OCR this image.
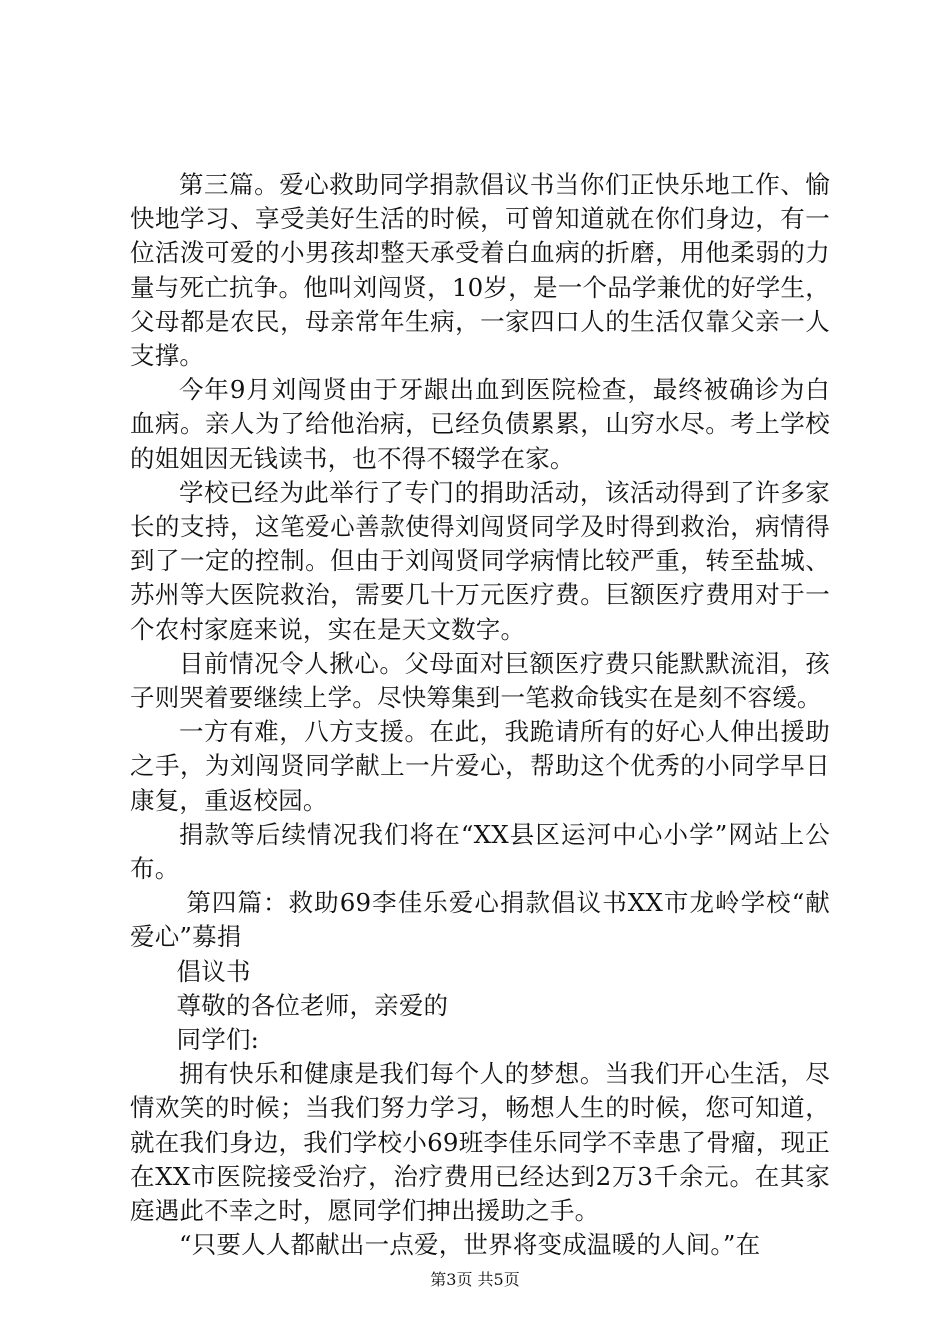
第三篇。爱心救助同学捐款倡议书当你们正快乐地工作、愉快地学习、享受美好生活的时候，可曾知道就在你们身边，有一位活泼可爱的小男孩却整天承受着白血病的折磨，用他柔弱的力量与死亡抗争。他叫刘闯贤，10岁，是一个品学兼优的好学生，父母都是农民，母亲常年生病，一家四口人的生活仅靠父亲一人支撑。

今年9月刘闯贤由于牙龈出血到医院检查，最终被确诊为白血病。亲人为了给他治病，已经负债累累，山穷水尽。考上学校的姐姐因无钱读书，也不得不辍学在家。

学校已经为此举行了专门的捐助活动，该活动得到了许多家长的支持，这笔爱心善款使得刘闯贤同学及时得到救治，病情得到了一定的控制。但由于刘闯贤同学病情比较严重，转至盐城、苏州等大医院救治，需要几十万元医疗费。巨额医疗费用对于一个农村家庭来说，实在是天文数字。

目前情况令人揪心。父母面对巨额医疗费只能默默流泪，孩子则哭着要继续上学。尽快筹集到一笔救命钱实在是刻不容缓。

一方有难，八方支援。在此，我跪请所有的好心人伸出援助之手，为刘闯贤同学献上一片爱心，帮助这个优秀的小同学早日康复，重返校园。

捐款等后续情况我们将在“XX县区运河中心小学”网站上公布。

第四篇：救助69李佳乐爱心捐款倡议书XX市龙岭学校“献爱心”募捐

倡议书

尊敬的各位老师，亲爱的

同学们:

拥有快乐和健康是我们每个人的梦想。当我们开心生活，尽情欢笑的时候；当我们努力学习，畅想人生的时候，您可知道，就在我们身边，我们学校小69班李佳乐同学不幸患了骨瘤，现正在XX市医院接受治疗，治疗费用已经达到2万3千余元。在其家庭遇此不幸之时，愿同学们抻出援助之手。

“只要人人都献出一点爱，世界将变成温暖的人间。”在

第3页 共5页
